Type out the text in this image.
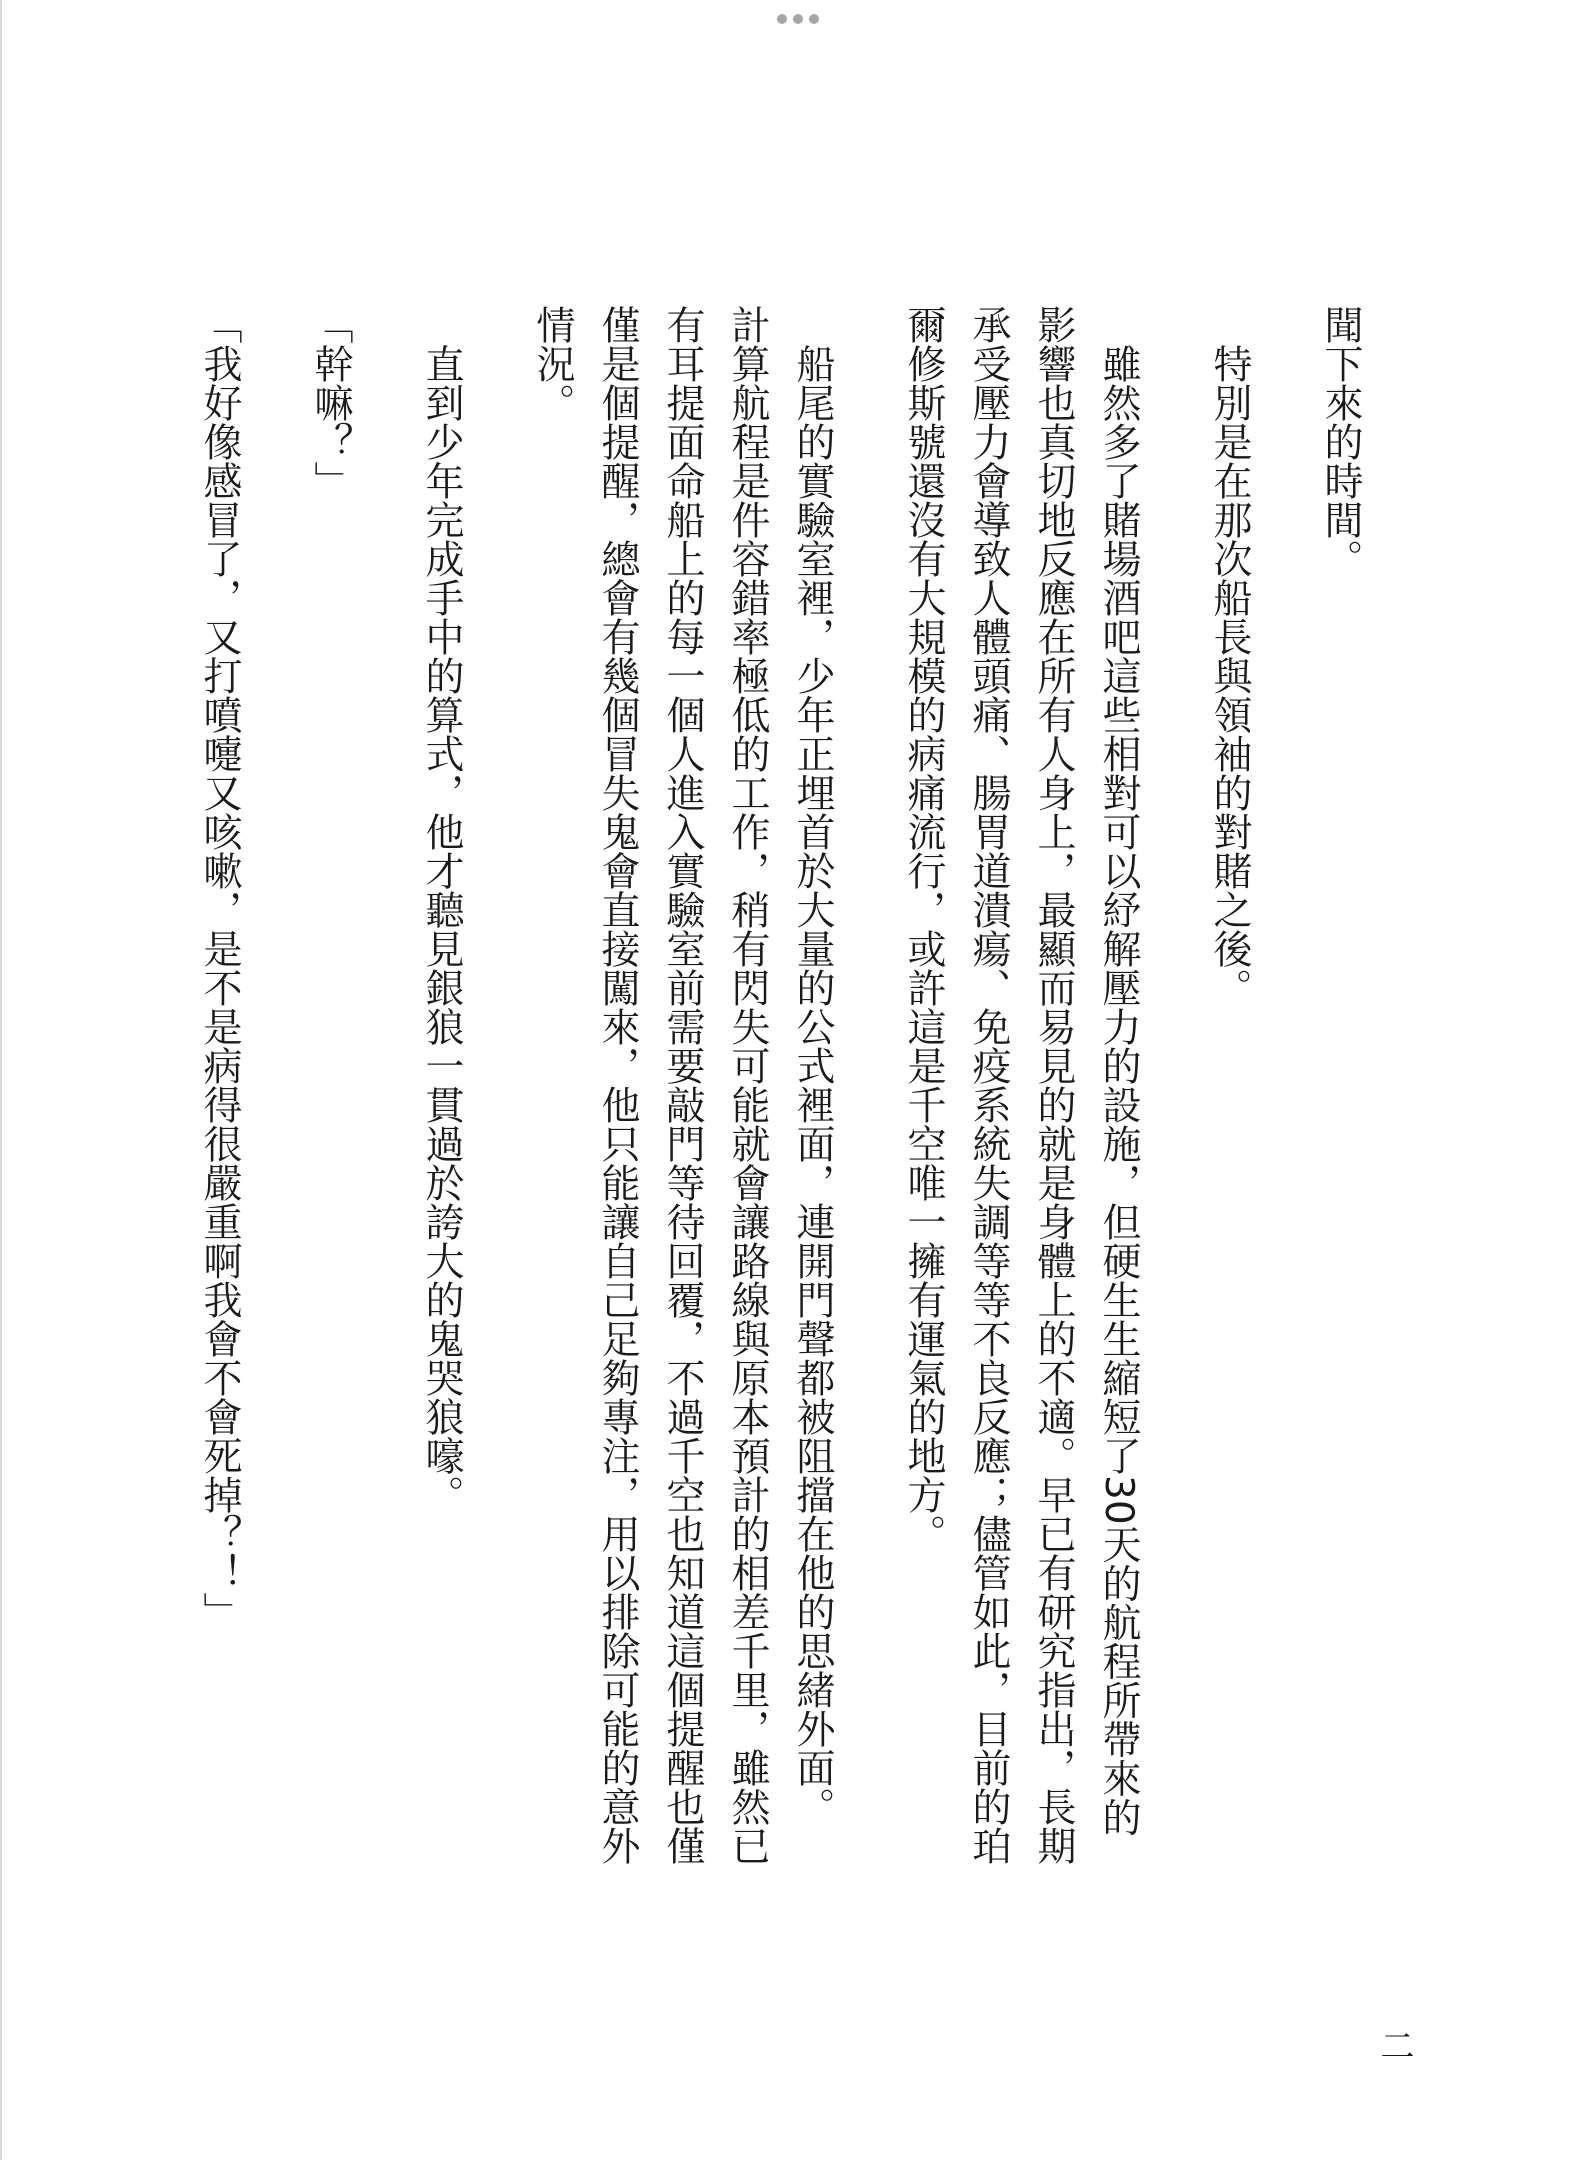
聞下來的時間。
　特別是在那次船長與領袖的對賭之後。
　雖然多了賭場酒吧這些相對可以紓解壓力的設施，但硬生生縮短了30天的航程所帶來的
影響也真切地反應在所有人身上，最顯而易見的就是身體上的不適。早已有研究指出，長期
承受壓力會導致人體頭痛、腸胃道潰瘍、免疫系統失調等等不良反應；儘管如此，目前的珀
爾修斯號還沒有大規模的病痛流行，或許這是千空唯一擁有運氣的地方。
　船尾的實驗室裡，少年正埋首於大量的公式裡面，連開門聲都被阻擋在他的思緒外面。
計算航程是件容錯率極低的工作，稍有閃失可能就會讓路線與原本預計的相差千里，雖然已
有耳提面命船上的每一個人進入實驗室前需要敲門等待回覆，不過千空也知道這個提醒也僅
僅是個提醒，總會有幾個冒失鬼會直接闖來，他只能讓自己足夠專注，用以排除可能的意外
情況。
　直到少年完成手中的算式，他才聽見銀狼一貫過於誇大的鬼哭狼嚎。
「幹嘛？」
「我好像感冒了，又打噴嚏又咳嗽，是不是病得很嚴重啊我會不會死掉？！」
二
